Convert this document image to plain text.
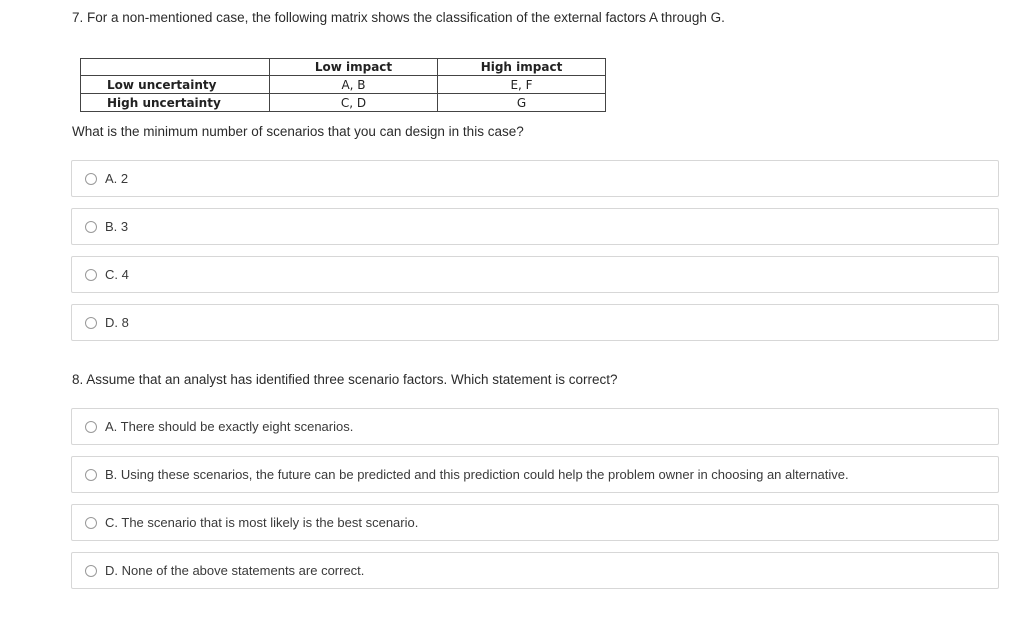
7. For a non-mentioned case, the following matrix shows the classification of the external factors A through G.
	Low impact	High impact
Low uncertainty	A, B	E, F
High uncertainty	C, D	G
What is the minimum number of scenarios that you can design in this case?
A. 2
B. 3
C. 4
D. 8
8. Assume that an analyst has identified three scenario factors. Which statement is correct?
A. There should be exactly eight scenarios.
B. Using these scenarios, the future can be predicted and this prediction could help the problem owner in choosing an alternative.
C. The scenario that is most likely is the best scenario.
D. None of the above statements are correct.
